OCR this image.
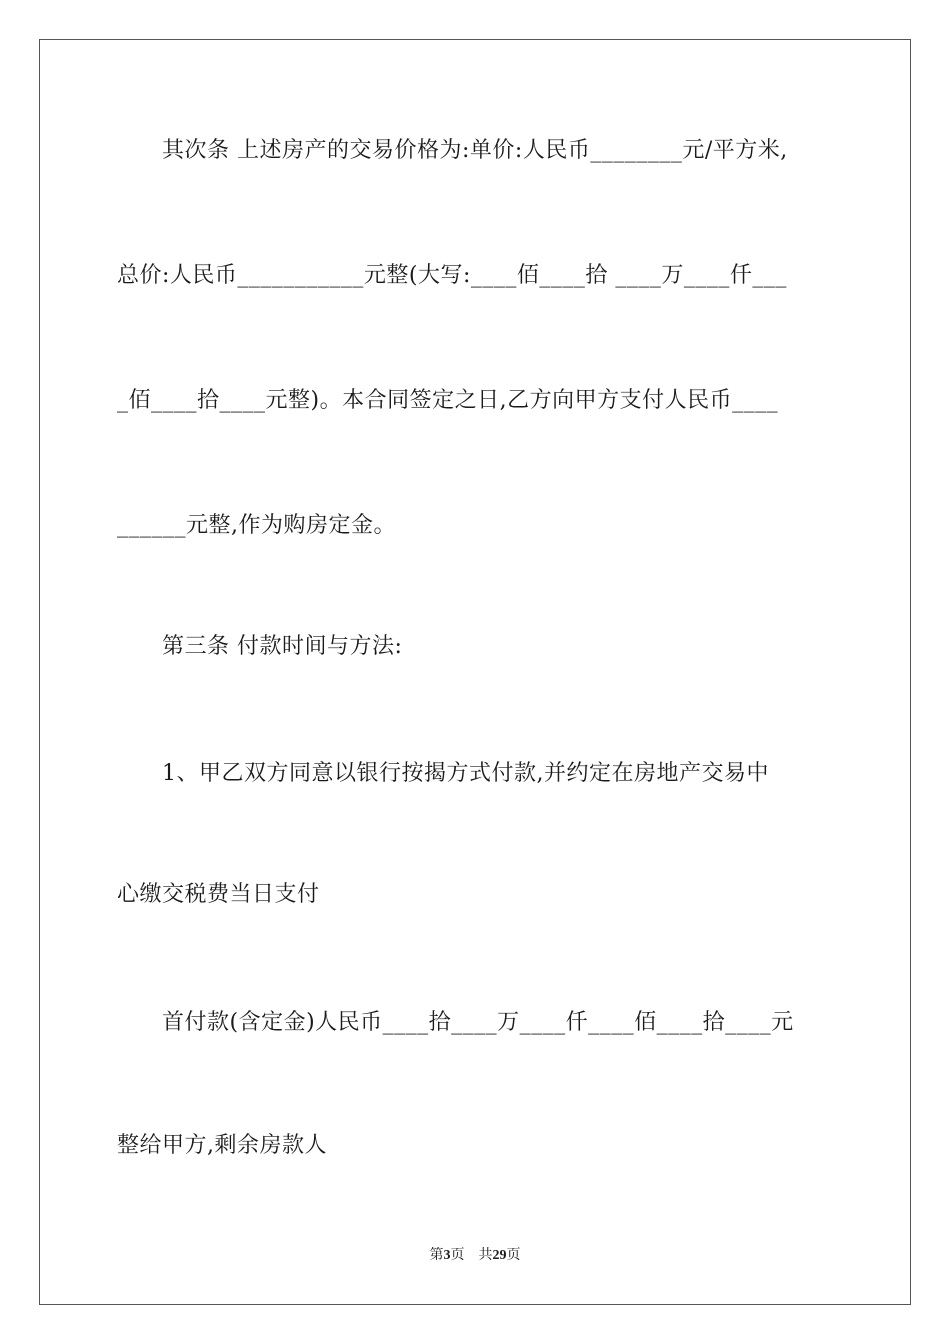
　　其次条 上述房产的交易价格为:单价:人民币________元/平方米,
总价:人民币___________元整(大写:____佰____拾 ____万____仟___
_佰____拾____元整)。本合同签定之日,乙方向甲方支付人民币____
______元整,作为购房定金。
　　第三条 付款时间与方法:
　　1、甲乙双方同意以银行按揭方式付款,并约定在房地产交易中
心缴交税费当日支付
　　首付款(含定金)人民币____拾____万____仟____佰____拾____元
整给甲方,剩余房款人
第3页　共29页
